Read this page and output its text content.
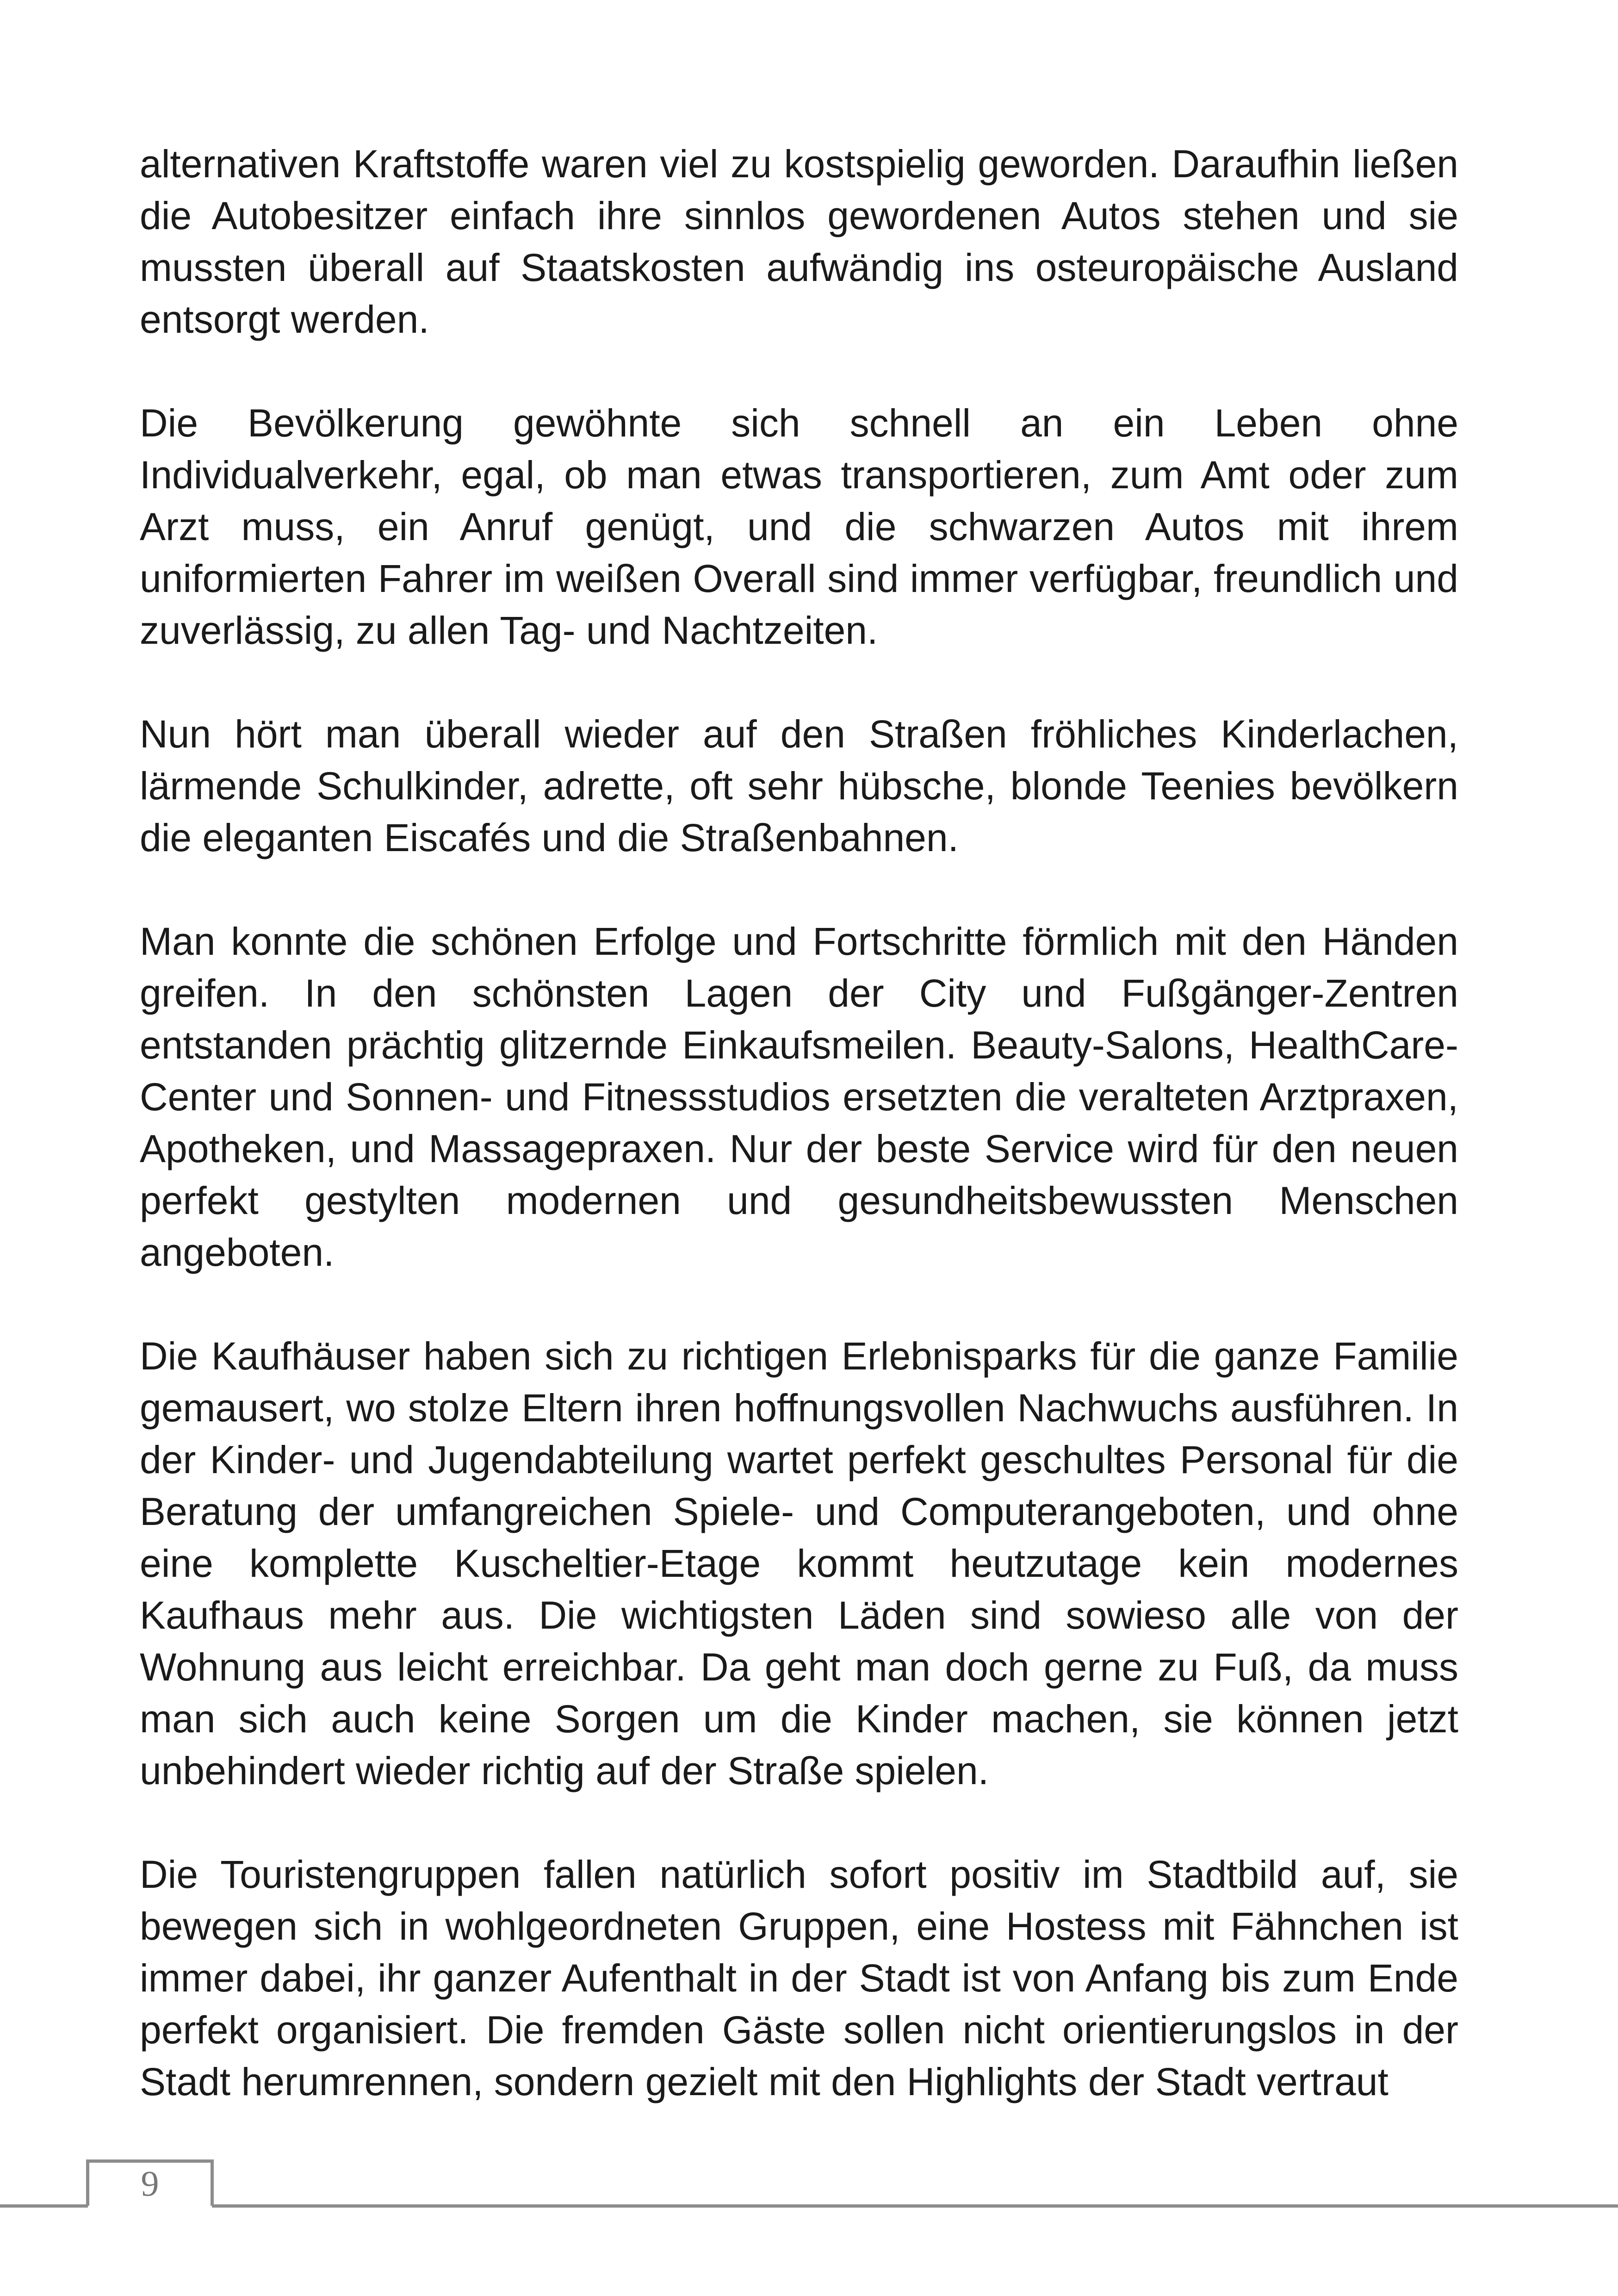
alternativen Kraftstoffe waren viel zu kostspielig geworden. Daraufhin ließen die Autobesitzer einfach ihre sinnlos gewordenen Autos stehen und sie mussten überall auf Staatskosten aufwändig ins osteuropäische Ausland entsorgt werden.

Die Bevölkerung gewöhnte sich schnell an ein Leben ohne Individualverkehr, egal, ob man etwas transportieren, zum Amt oder zum Arzt muss, ein Anruf genügt, und die schwarzen Autos mit ihrem uniformierten Fahrer im weißen Overall sind immer verfügbar, freundlich und zuverlässig, zu allen Tag- und Nachtzeiten.

Nun hört man überall wieder auf den Straßen fröhliches Kinderlachen, lärmende Schulkinder, adrette, oft sehr hübsche, blonde Teenies bevölkern die eleganten Eiscafés und die Straßenbahnen.

Man konnte die schönen Erfolge und Fortschritte förmlich mit den Händen greifen. In den schönsten Lagen der City und Fußgänger-Zentren entstanden prächtig glitzernde Einkaufsmeilen. Beauty-Salons, HealthCare-Center und Sonnen- und Fitnessstudios ersetzten die veralteten Arztpraxen, Apotheken, und Massagepraxen. Nur der beste Service wird für den neuen perfekt gestylten modernen und gesundheitsbewussten Menschen angeboten.

Die Kaufhäuser haben sich zu richtigen Erlebnisparks für die ganze Familie gemausert, wo stolze Eltern ihren hoffnungsvollen Nachwuchs ausführen. In der Kinder- und Jugendabteilung wartet perfekt geschultes Personal für die Beratung der umfangreichen Spiele- und Computerangeboten, und ohne eine komplette Kuscheltier-Etage kommt heutzutage kein modernes Kaufhaus mehr aus. Die wichtigsten Läden sind sowieso alle von der Wohnung aus leicht erreichbar. Da geht man doch gerne zu Fuß, da muss man sich auch keine Sorgen um die Kinder machen, sie können jetzt unbehindert wieder richtig auf der Straße spielen.

Die Touristengruppen fallen natürlich sofort positiv im Stadtbild auf, sie bewegen sich in wohlgeordneten Gruppen, eine Hostess mit Fähnchen ist immer dabei, ihr ganzer Aufenthalt in der Stadt ist von Anfang bis zum Ende perfekt organisiert. Die fremden Gäste sollen nicht orientierungslos in der Stadt herumrennen, sondern gezielt mit den Highlights der Stadt vertraut

9
